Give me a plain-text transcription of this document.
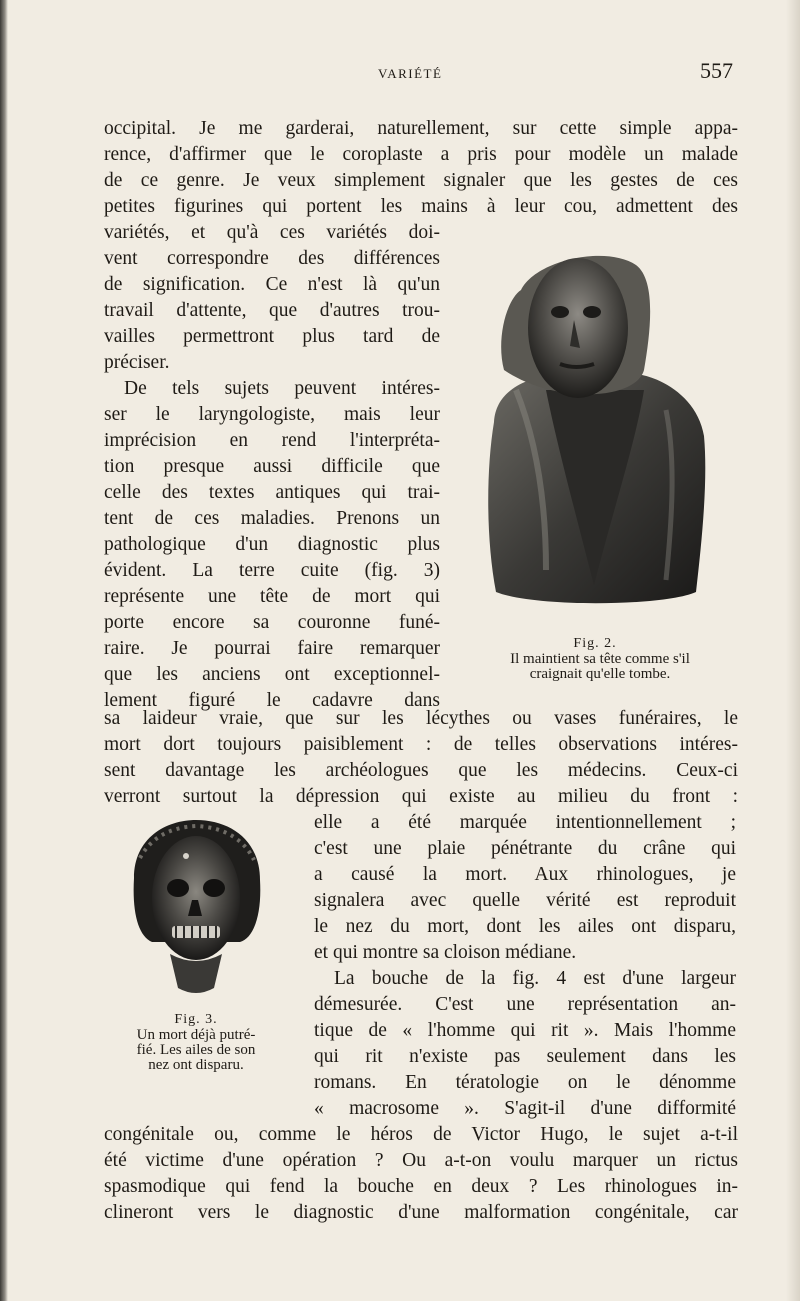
VARIÉTÉ	557
occipital. Je me garderai, naturellement, sur cette simple appa-
rence, d'affirmer que le coroplaste a pris pour modèle un malade
de ce genre. Je veux simplement signaler que les gestes de ces
petites figurines qui portent les mains à leur cou, admettent des
variétés, et qu'à ces variétés doi-
vent correspondre des différences
de signification. Ce n'est là qu'un
travail d'attente, que d'autres trou-
vailles permettront plus tard de
préciser.
De tels sujets peuvent intéres-
ser le laryngologiste, mais leur
imprécision en rend l'interpréta-
tion presque aussi difficile que
celle des textes antiques qui trai-
tent de ces maladies. Prenons un
pathologique d'un diagnostic plus
évident. La terre cuite (fig. 3)
représente une tête de mort qui
porte encore sa couronne funé-
raire. Je pourrai faire remarquer
que les anciens ont exceptionnel-
lement figuré le cadavre dans
Fig. 2.
Il maintient sa tête comme s'il
craignait qu'elle tombe.
sa laideur vraie, que sur les lécythes ou vases funéraires, le
mort dort toujours paisiblement : de telles observations intéres-
sent davantage les archéologues que les médecins. Ceux-ci
verront surtout la dépression qui existe au milieu du front :
elle a été marquée intentionnellement ;
c'est une plaie pénétrante du crâne qui
a causé la mort. Aux rhinologues, je
signalera avec quelle vérité est reproduit
le nez du mort, dont les ailes ont disparu,
et qui montre sa cloison médiane.
La bouche de la fig. 4 est d'une largeur
démesurée. C'est une représentation an-
tique de « l'homme qui rit ». Mais l'homme
qui rit n'existe pas seulement dans les
romans. En tératologie on le dénomme
« macrosome ». S'agit-il d'une difformité
Fig. 3.
Un mort déjà putré-
fié. Les ailes de son
nez ont disparu.
congénitale ou, comme le héros de Victor Hugo, le sujet a-t-il
été victime d'une opération ? Ou a-t-on voulu marquer un rictus
spasmodique qui fend la bouche en deux ? Les rhinologues in-
clineront vers le diagnostic d'une malformation congénitale, car
